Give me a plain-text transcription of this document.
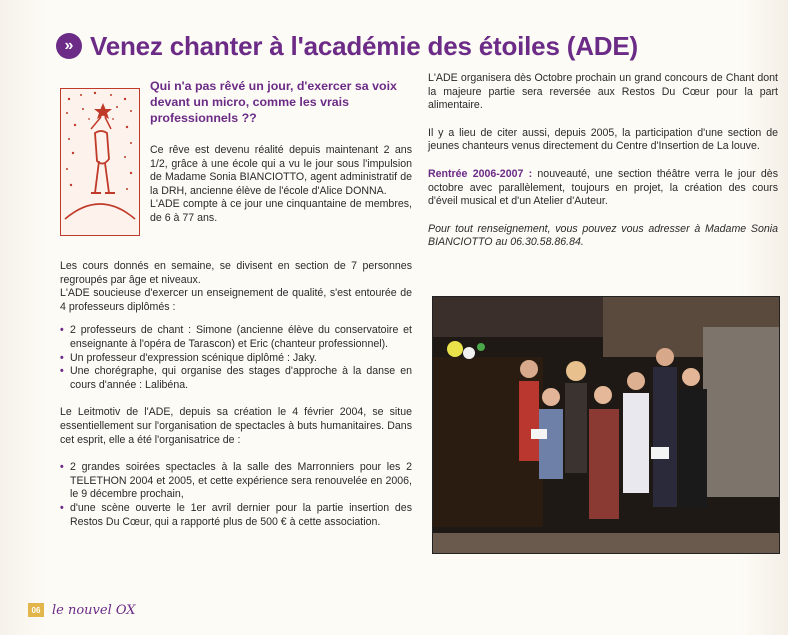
» Venez chanter à l'académie des étoiles (ADE)

Qui n'a pas rêvé un jour, d'exercer sa voix devant un micro, comme les vrais professionnels ??

Ce rêve est devenu réalité depuis maintenant 2 ans 1/2, grâce à une école qui a vu le jour sous l'impulsion de Madame Sonia BIANCIOTTO, agent administratif de la DRH, ancienne élève de l'école d'Alice DONNA.

L'ADE compte à ce jour une cinquantaine de membres, de 6 à 77 ans.

Les cours donnés en semaine, se divisent en section de 7 personnes regroupés par âge et niveaux.

L'ADE soucieuse d'exercer un enseignement de qualité, s'est entourée de 4 professeurs diplômés :

• 2 professeurs de chant : Simone (ancienne élève du conservatoire et enseignante à l'opéra de Tarascon) et Eric (chanteur professionnel).
• Un professeur d'expression scénique diplômé : Jaky.
• Une chorégraphe, qui organise des stages d'approche à la danse en cours d'année : Lalibéna.

Le Leitmotiv de l'ADE, depuis sa création le 4 février 2004, se situe essentiellement sur l'organisation de spectacles à buts humanitaires. Dans cet esprit, elle a été l'organisatrice de :

• 2 grandes soirées spectacles à la salle des Marronniers pour les 2 TELETHON 2004 et 2005, et cette expérience sera renouvelée en 2006, le 9 décembre prochain,
• d'une scène ouverte le 1er avril dernier pour la partie insertion des Restos Du Cœur, qui a rapporté plus de 500 € à cette association.

L'ADE organisera dès Octobre prochain un grand concours de Chant dont la majeure partie sera reversée aux Restos Du Cœur pour la part alimentaire.

Il y a lieu de citer aussi, depuis 2005, la participation d'une section de jeunes chanteurs venus directement du Centre d'Insertion de La louve.

Rentrée 2006-2007 : nouveauté, une section théâtre verra le jour dès octobre avec parallèlement, toujours en projet, la création des cours d'éveil musical et d'un Atelier d'Auteur.

Pour tout renseignement, vous pouvez vous adresser à Madame Sonia BIANCIOTTO au 06.30.58.86.84.

06 le nouvel OX
